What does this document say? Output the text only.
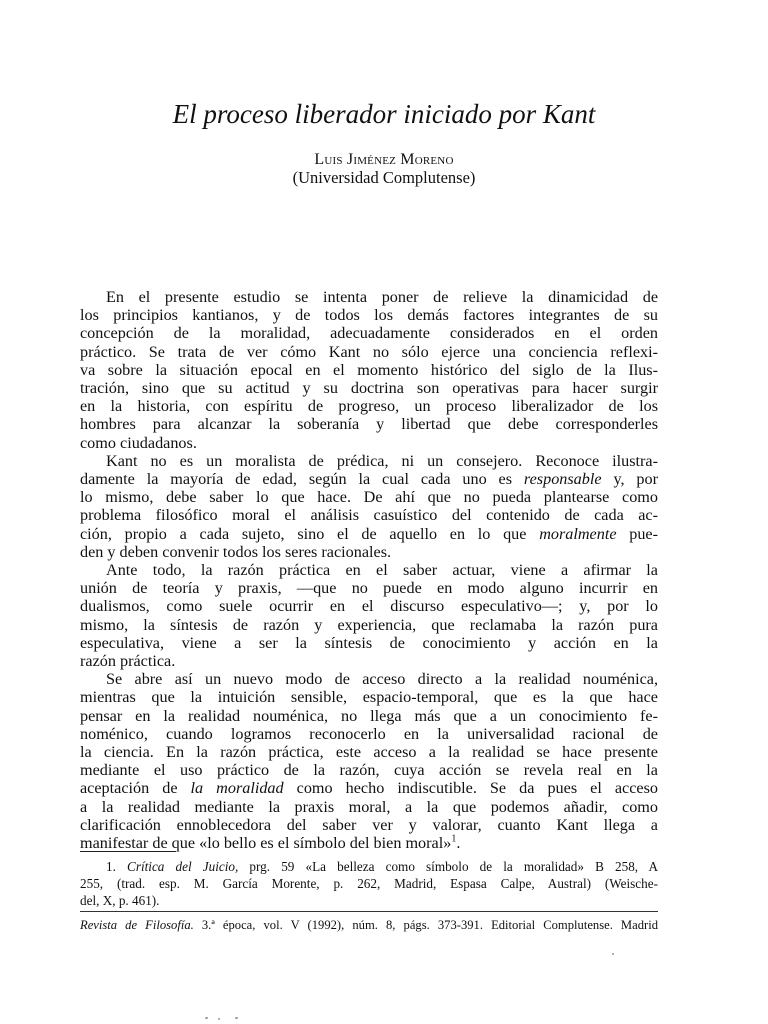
El proceso liberador iniciado por Kant
Luis Jiménez Moreno
(Universidad Complutense)
En el presente estudio se intenta poner de relieve la dinamicidad de
los principios kantianos, y de todos los demás factores integrantes de su
concepción de la moralidad, adecuadamente considerados en el orden
práctico. Se trata de ver cómo Kant no sólo ejerce una conciencia reflexi-
va sobre la situación epocal en el momento histórico del siglo de la Ilus-
tración, sino que su actitud y su doctrina son operativas para hacer surgir
en la historia, con espíritu de progreso, un proceso liberalizador de los
hombres para alcanzar la soberanía y libertad que debe corresponderles
como ciudadanos.
Kant no es un moralista de prédica, ni un consejero. Reconoce ilustra-
damente la mayoría de edad, según la cual cada uno es responsable y, por
lo mismo, debe saber lo que hace. De ahí que no pueda plantearse como
problema filosófico moral el análisis casuístico del contenido de cada ac-
ción, propio a cada sujeto, sino el de aquello en lo que moralmente pue-
den y deben convenir todos los seres racionales.
Ante todo, la razón práctica en el saber actuar, viene a afirmar la
unión de teoría y praxis, —que no puede en modo alguno incurrir en
dualismos, como suele ocurrir en el discurso especulativo—; y, por lo
mismo, la síntesis de razón y experiencia, que reclamaba la razón pura
especulativa, viene a ser la síntesis de conocimiento y acción en la
razón práctica.
Se abre así un nuevo modo de acceso directo a la realidad nouménica,
mientras que la intuición sensible, espacio-temporal, que es la que hace
pensar en la realidad nouménica, no llega más que a un conocimiento fe-
noménico, cuando logramos reconocerlo en la universalidad racional de
la ciencia. En la razón práctica, este acceso a la realidad se hace presente
mediante el uso práctico de la razón, cuya acción se revela real en la
aceptación de la moralidad como hecho indiscutible. Se da pues el acceso
a la realidad mediante la praxis moral, a la que podemos añadir, como
clarificación ennoblecedora del saber ver y valorar, cuanto Kant llega a
manifestar de que «lo bello es el símbolo del bien moral»$^1$.
1. Crítica del Juicio, prg. 59 «La belleza como símbolo de la moralidad» B 258, A
255, (trad. esp. M. García Morente, p. 262, Madrid, Espasa Calpe, Austral) (Weische-
del, X, p. 461).
Revista de Filosofía. 3.ª época, vol. V (1992), núm. 8, págs. 373-391. Editorial Complutense. Madrid
